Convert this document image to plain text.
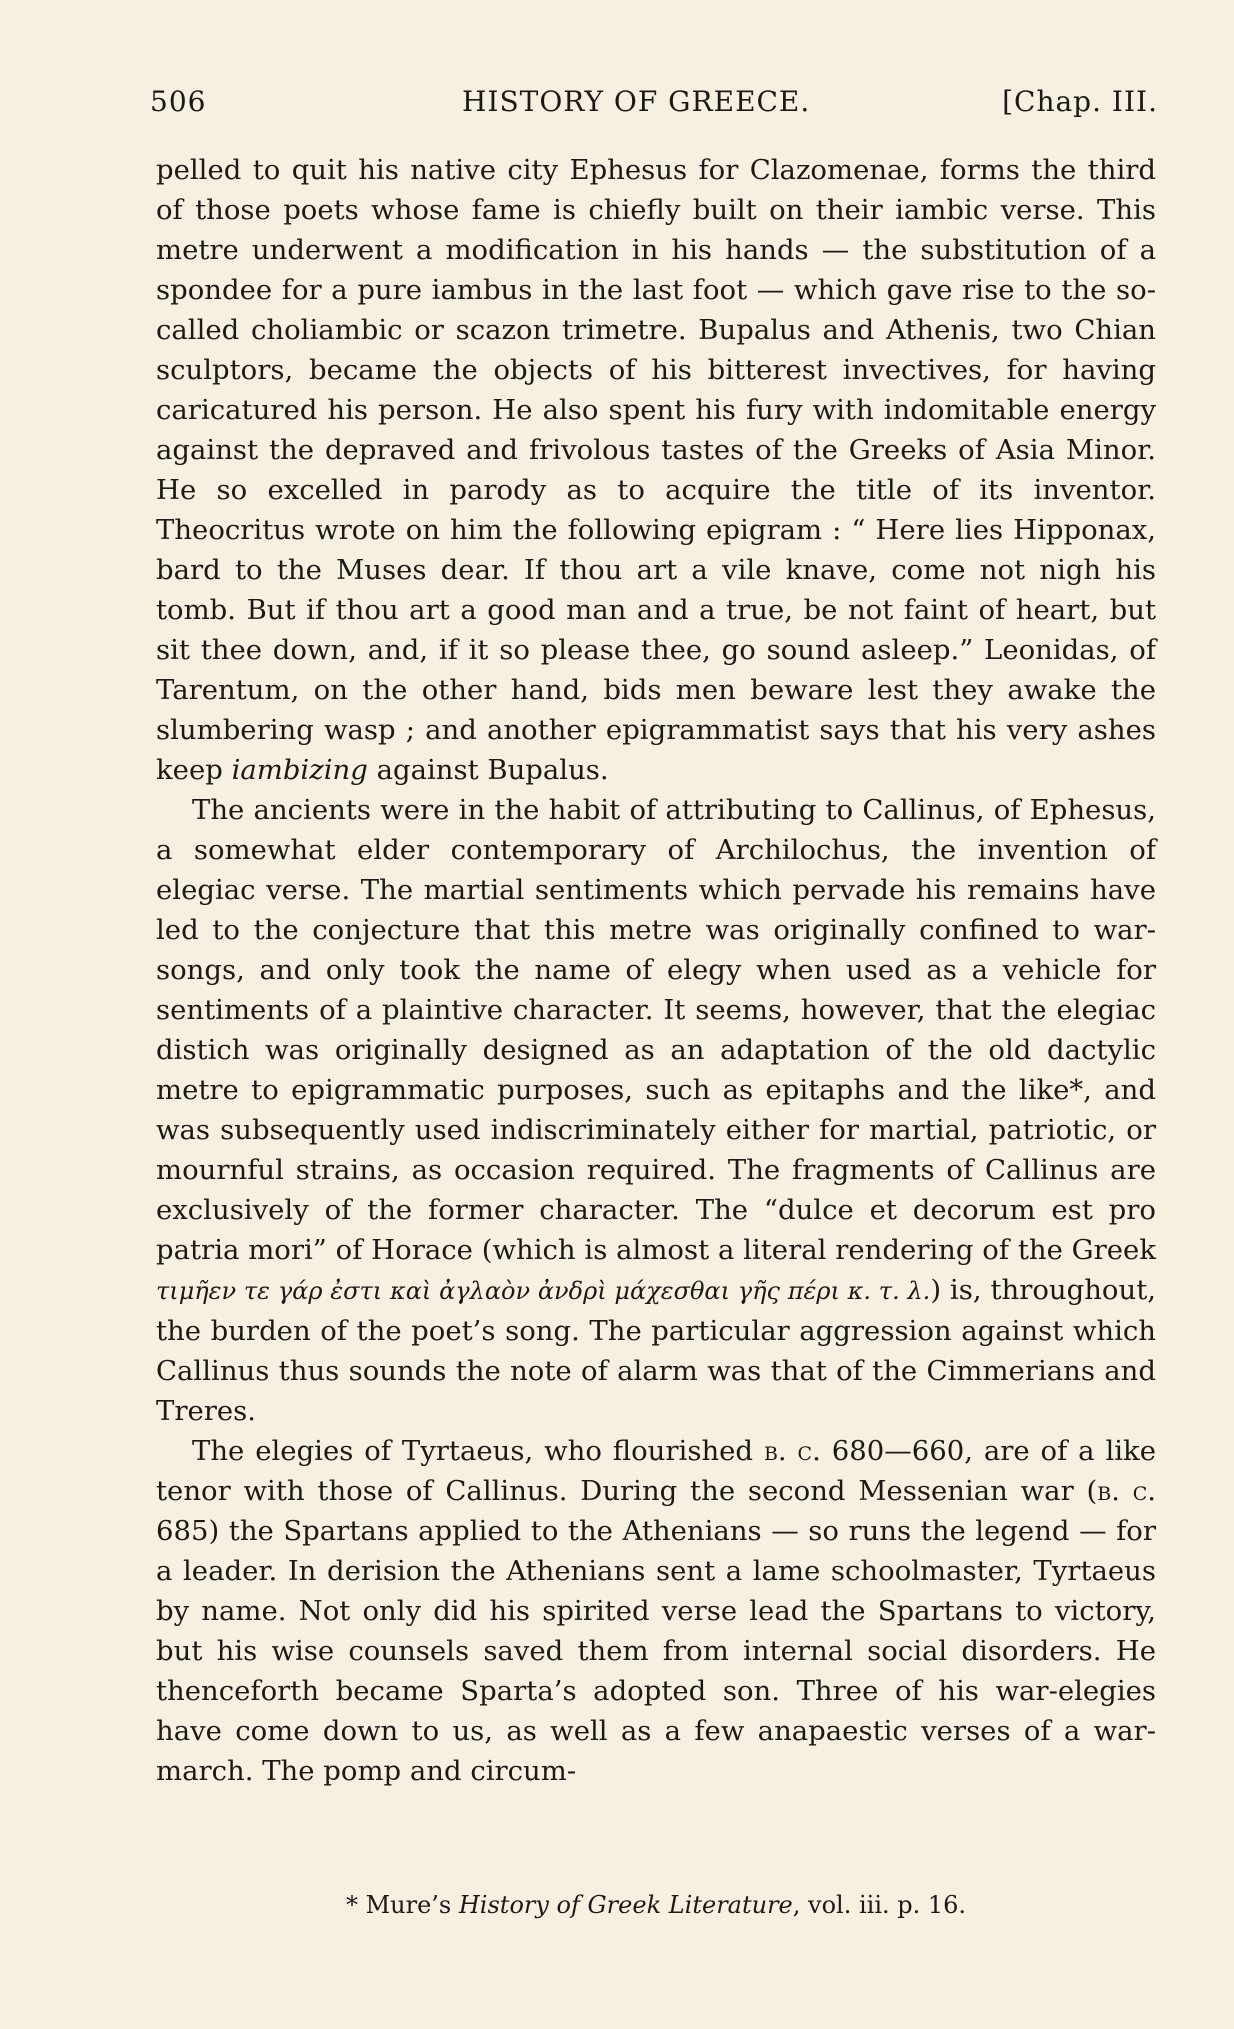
506	HISTORY OF GREECE.	[Chap. III.

pelled to quit his native city Ephesus for Clazomenae, forms the third of those poets whose fame is chiefly built on their iambic verse. This metre underwent a modification in his hands — the substitution of a spondee for a pure iambus in the last foot — which gave rise to the so-called choliambic or scazon trimetre. Bupalus and Athenis, two Chian sculptors, became the objects of his bitterest invectives, for having caricatured his person. He also spent his fury with indomitable energy against the depraved and frivolous tastes of the Greeks of Asia Minor. He so excelled in parody as to acquire the title of its inventor. Theocritus wrote on him the following epigram : “ Here lies Hipponax, bard to the Muses dear. If thou art a vile knave, come not nigh his tomb. But if thou art a good man and a true, be not faint of heart, but sit thee down, and, if it so please thee, go sound asleep.” Leonidas, of Tarentum, on the other hand, bids men beware lest they awake the slumbering wasp ; and another epigrammatist says that his very ashes keep iambizing against Bupalus.

The ancients were in the habit of attributing to Callinus, of Ephesus, a somewhat elder contemporary of Archilochus, the invention of elegiac verse. The martial sentiments which pervade his remains have led to the conjecture that this metre was originally confined to war-songs, and only took the name of elegy when used as a vehicle for sentiments of a plaintive character. It seems, however, that the elegiac distich was originally designed as an adaptation of the old dactylic metre to epigrammatic purposes, such as epitaphs and the like*, and was subsequently used indiscriminately either for martial, patriotic, or mournful strains, as occasion required. The fragments of Callinus are exclusively of the former character. The “dulce et decorum est pro patria mori” of Horace (which is almost a literal rendering of the Greek τιμῆεν τε γάρ ἐστι καὶ ἀγλαὸν ἀνδρὶ μάχεσθαι γῆς πέρι κ. τ. λ.) is, throughout, the burden of the poet’s song. The particular aggression against which Callinus thus sounds the note of alarm was that of the Cimmerians and Treres.

The elegies of Tyrtaeus, who flourished b. c. 680—660, are of a like tenor with those of Callinus. During the second Messenian war (b. c. 685) the Spartans applied to the Athenians — so runs the legend — for a leader. In derision the Athenians sent a lame schoolmaster, Tyrtaeus by name. Not only did his spirited verse lead the Spartans to victory, but his wise counsels saved them from internal social disorders. He thenceforth became Sparta’s adopted son. Three of his war-elegies have come down to us, as well as a few anapaestic verses of a war-march. The pomp and circum-

* Mure’s History of Greek Literature, vol. iii. p. 16.
